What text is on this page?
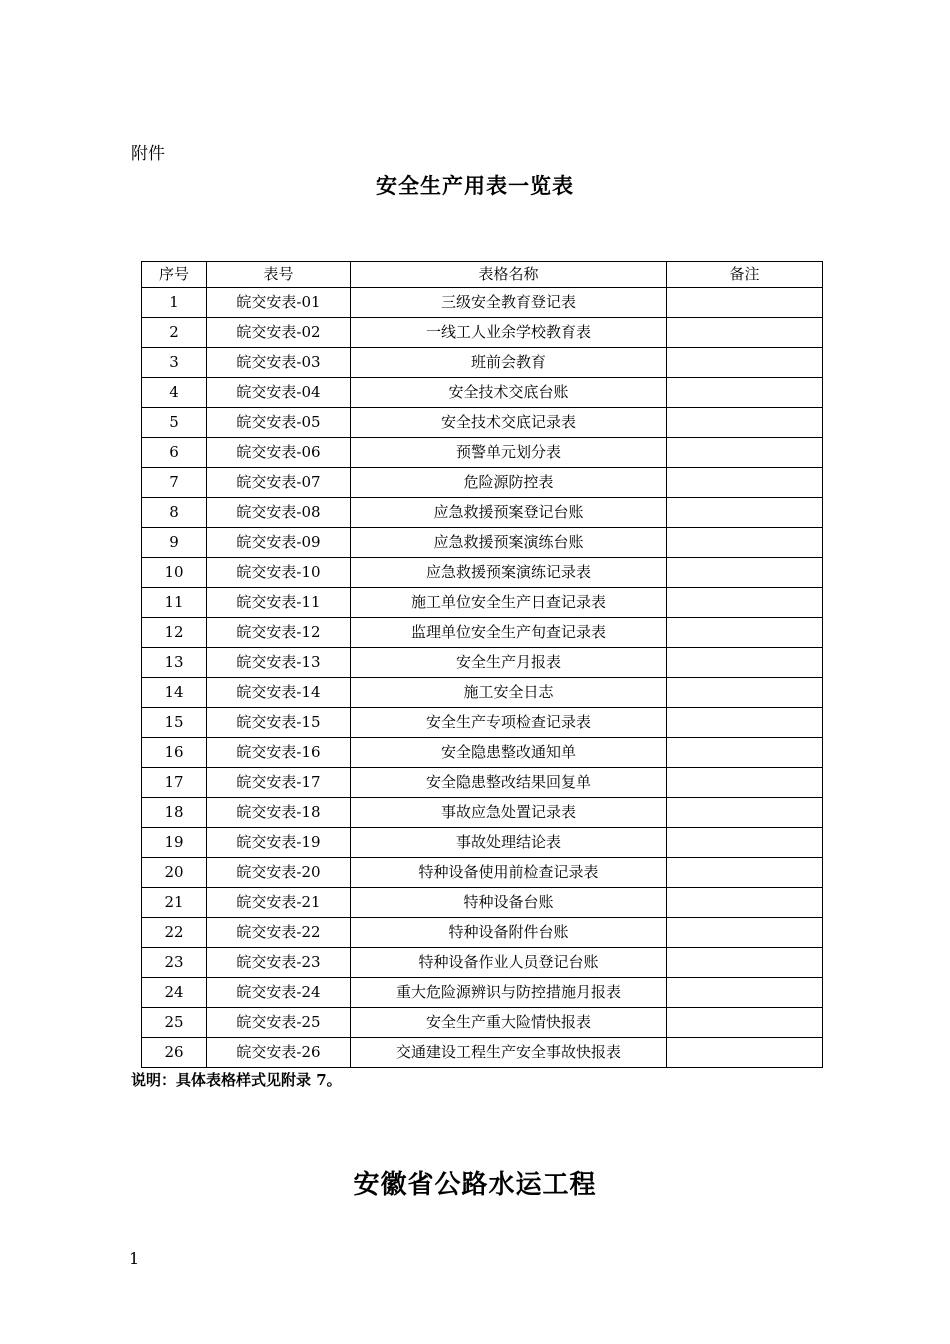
附件
安全生产用表一览表
序号	表号	表格名称	备注
1	皖交安表-01	三级安全教育登记表	
2	皖交安表-02	一线工人业余学校教育表	
3	皖交安表-03	班前会教育	
4	皖交安表-04	安全技术交底台账	
5	皖交安表-05	安全技术交底记录表	
6	皖交安表-06	预警单元划分表	
7	皖交安表-07	危险源防控表	
8	皖交安表-08	应急救援预案登记台账	
9	皖交安表-09	应急救援预案演练台账	
10	皖交安表-10	应急救援预案演练记录表	
11	皖交安表-11	施工单位安全生产日查记录表	
12	皖交安表-12	监理单位安全生产旬查记录表	
13	皖交安表-13	安全生产月报表	
14	皖交安表-14	施工安全日志	
15	皖交安表-15	安全生产专项检查记录表	
16	皖交安表-16	安全隐患整改通知单	
17	皖交安表-17	安全隐患整改结果回复单	
18	皖交安表-18	事故应急处置记录表	
19	皖交安表-19	事故处理结论表	
20	皖交安表-20	特种设备使用前检查记录表	
21	皖交安表-21	特种设备台账	
22	皖交安表-22	特种设备附件台账	
23	皖交安表-23	特种设备作业人员登记台账	
24	皖交安表-24	重大危险源辨识与防控措施月报表	
25	皖交安表-25	安全生产重大险情快报表	
26	皖交安表-26	交通建设工程生产安全事故快报表	
说明：具体表格样式见附录 7。
安徽省公路水运工程
1
